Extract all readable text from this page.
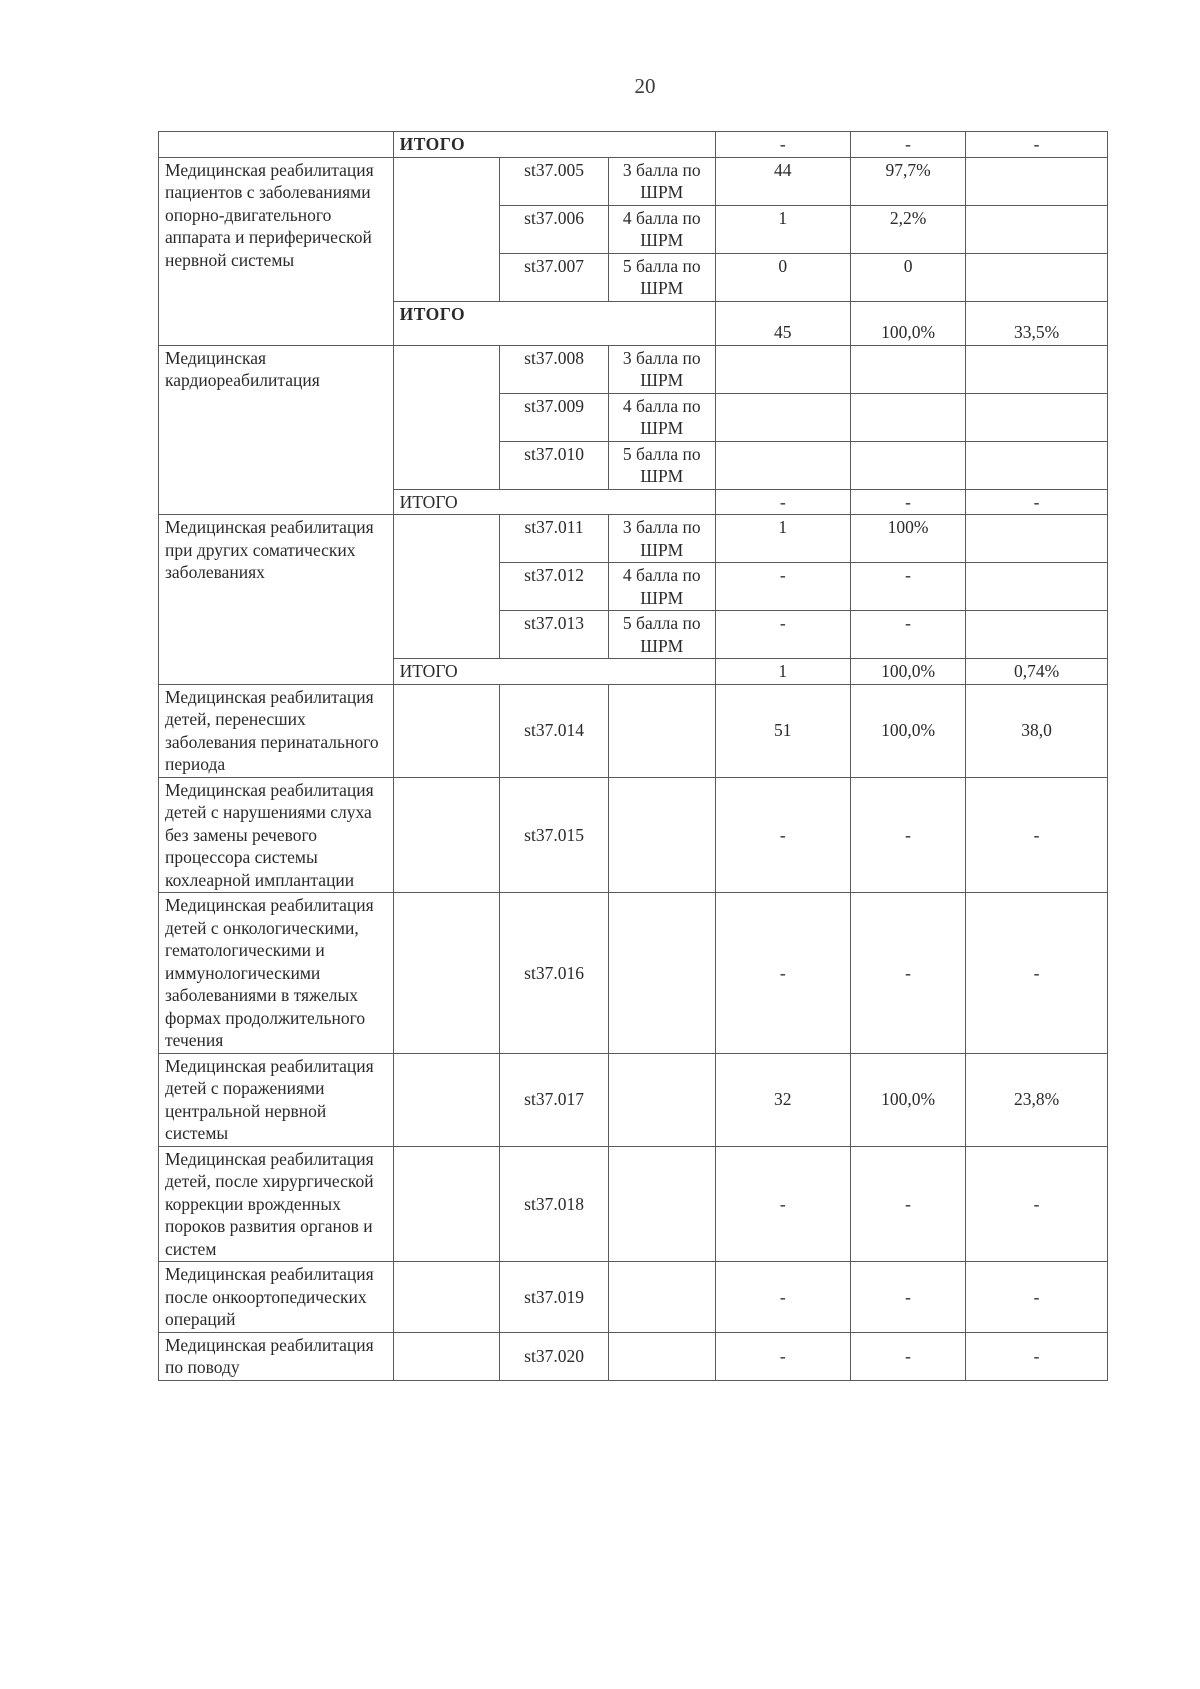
20
	ИТОГО			-	-	-
Медицинская реабилитация пациентов с заболеваниями опорно-двигательного аппарата и периферической нервной системы		st37.005	3 балла по ШРМ	44	97,7%	
		st37.006	4 балла по ШРМ	1	2,2%	
		st37.007	5 балла по ШРМ	0	0	
	ИТОГО			45	100,0%	33,5%
Медицинская кардиореабилитация		st37.008	3 балла по ШРМ			
		st37.009	4 балла по ШРМ			
		st37.010	5 балла по ШРМ			
	ИТОГО			-	-	-
Медицинская реабилитация при других соматических заболеваниях		st37.011	3 балла по ШРМ	1	100%	
		st37.012	4 балла по ШРМ	-	-	
		st37.013	5 балла по ШРМ	-	-	
	ИТОГО			1	100,0%	0,74%
Медицинская реабилитация детей, перенесших заболевания перинатального периода		st37.014		51	100,0%	38,0
Медицинская реабилитация детей с нарушениями слуха без замены речевого процессора системы кохлеарной имплантации		st37.015		-	-	-
Медицинская реабилитация детей с онкологическими, гематологическими и иммунологическими заболеваниями в тяжелых формах продолжительного течения		st37.016		-	-	-
Медицинская реабилитация детей с поражениями центральной нервной системы		st37.017		32	100,0%	23,8%
Медицинская реабилитация детей, после хирургической коррекции врожденных пороков развития органов и систем		st37.018		-	-	-
Медицинская реабилитация после онкоортопедических операций		st37.019		-	-	-
Медицинская реабилитация по поводу		st37.020		-	-	-
